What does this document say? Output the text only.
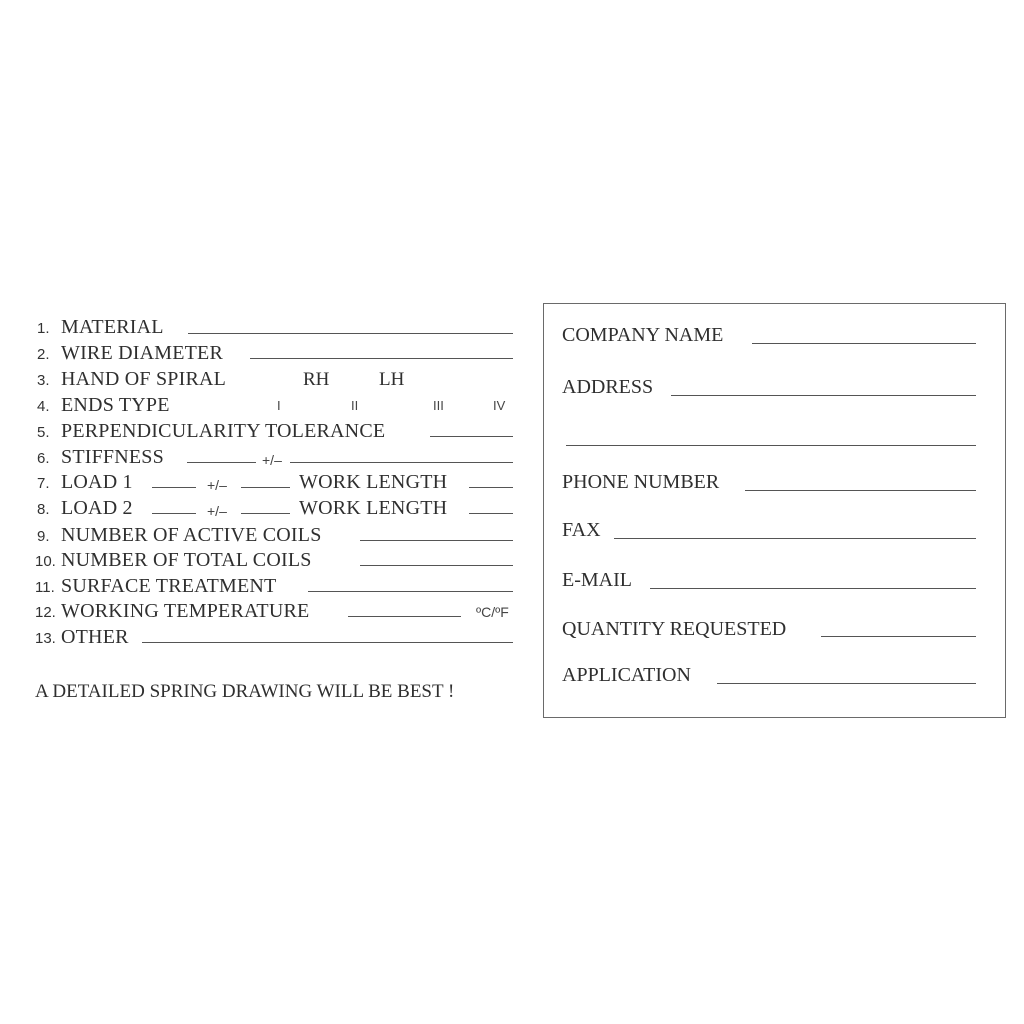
1. MATERIAL
2. WIRE DIAMETER
3. HAND OF SPIRAL	RH	LH
4. ENDS TYPE	I	II	III	IV
5. PERPENDICULARITY TOLERANCE
6. STIFFNESS	+/–
7. LOAD 1	+/–	WORK LENGTH
8. LOAD 2	+/–	WORK LENGTH
9. NUMBER OF ACTIVE COILS
10. NUMBER OF TOTAL COILS
11. SURFACE TREATMENT
12. WORKING TEMPERATURE	ºC/ºF
13. OTHER
A DETAILED SPRING DRAWING WILL BE BEST !
COMPANY NAME
ADDRESS
PHONE NUMBER
FAX
E-MAIL
QUANTITY REQUESTED
APPLICATION
